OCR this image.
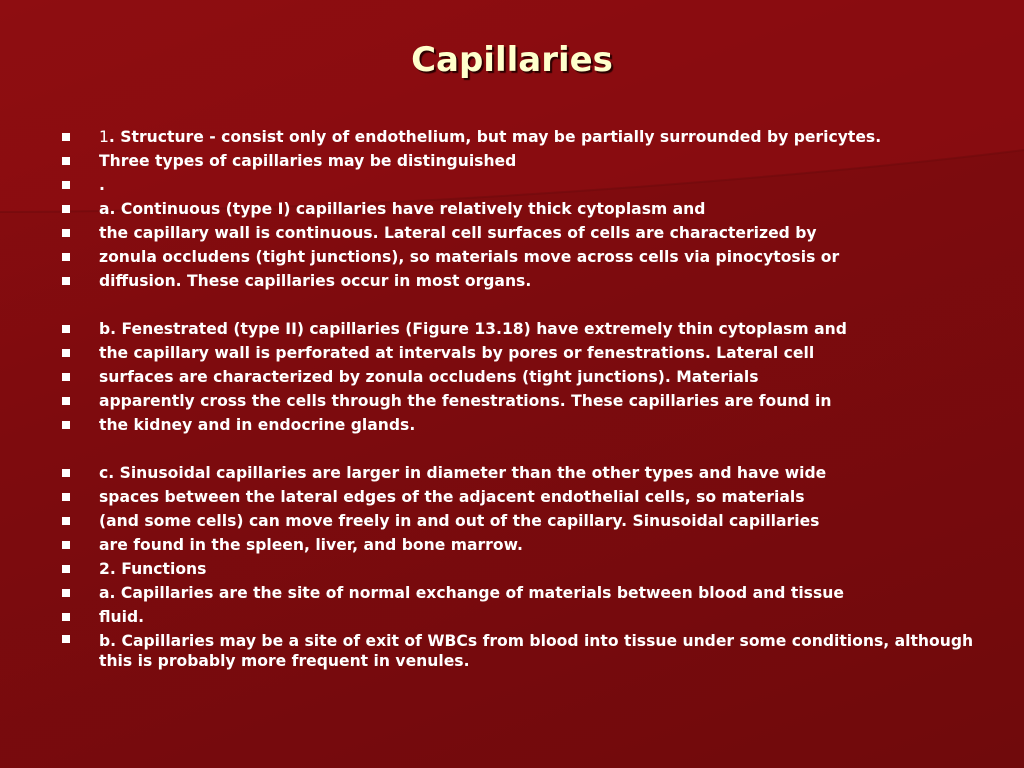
Capillaries
1. Structure - consist only of endothelium, but may be partially surrounded by pericytes.
Three types of capillaries may be distinguished
.
a. Continuous (type I) capillaries have relatively thick cytoplasm and
the capillary wall is continuous. Lateral cell surfaces of cells are characterized by
zonula occludens (tight junctions), so materials move across cells via pinocytosis or
diffusion. These capillaries occur in most organs.
b. Fenestrated (type II) capillaries (Figure 13.18) have extremely thin cytoplasm and
the capillary wall is perforated at intervals by pores or fenestrations. Lateral cell
surfaces are characterized by zonula occludens (tight junctions). Materials
apparently cross the cells through the fenestrations. These capillaries are found in
the kidney and in endocrine glands.
c. Sinusoidal capillaries are larger in diameter than the other types and have wide
spaces between the lateral edges of the adjacent endothelial cells, so materials
(and some cells) can move freely in and out of the capillary. Sinusoidal capillaries
are found in the spleen, liver, and bone marrow.
2. Functions
a. Capillaries are the site of normal exchange of materials between blood and tissue
fluid.
b. Capillaries may be a site of exit of WBCs from blood into tissue under some conditions, although this is probably more frequent in venules.
